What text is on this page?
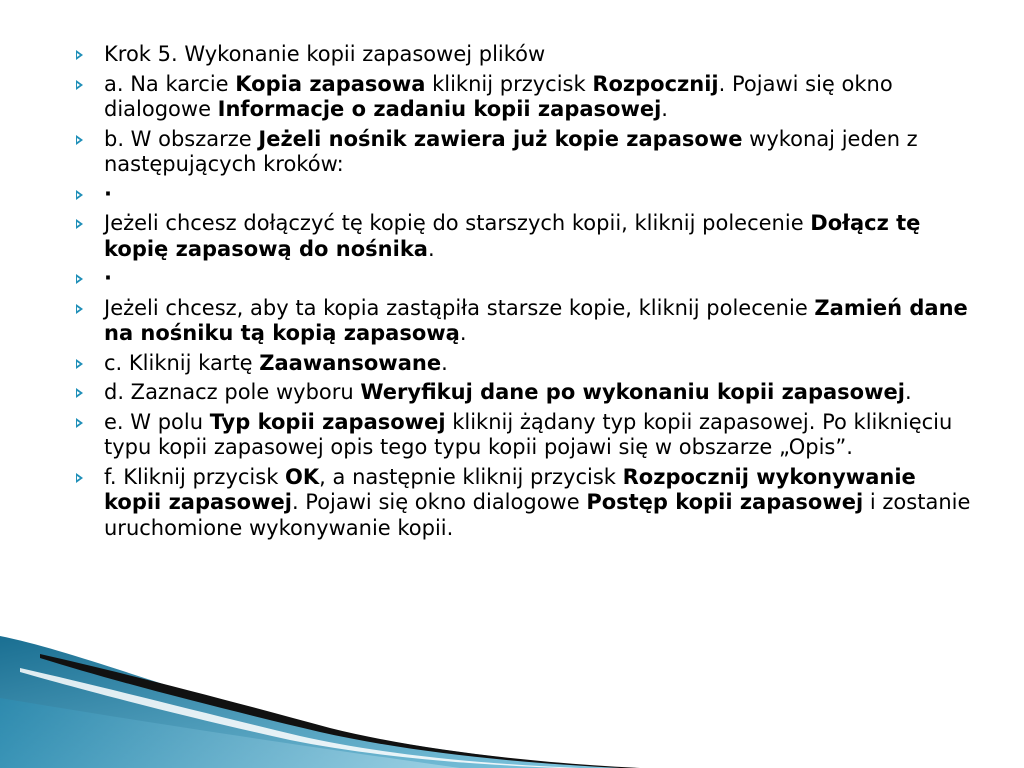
Krok 5. Wykonanie kopii zapasowej plików
a. Na karcie Kopia zapasowa kliknij przycisk Rozpocznij. Pojawi się okno dialogowe Informacje o zadaniu kopii zapasowej.
b. W obszarze Jeżeli nośnik zawiera już kopie zapasowe wykonaj jeden z następujących kroków:
·
Jeżeli chcesz dołączyć tę kopię do starszych kopii, kliknij polecenie Dołącz tę kopię zapasową do nośnika.
·
Jeżeli chcesz, aby ta kopia zastąpiła starsze kopie, kliknij polecenie Zamień dane na nośniku tą kopią zapasową.
c. Kliknij kartę Zaawansowane.
d. Zaznacz pole wyboru Weryfikuj dane po wykonaniu kopii zapasowej.
e. W polu Typ kopii zapasowej kliknij żądany typ kopii zapasowej. Po kliknięciu typu kopii zapasowej opis tego typu kopii pojawi się w obszarze „Opis”.
f. Kliknij przycisk OK, a następnie kliknij przycisk Rozpocznij wykonywanie kopii zapasowej. Pojawi się okno dialogowe Postęp kopii zapasowej i zostanie uruchomione wykonywanie kopii.
